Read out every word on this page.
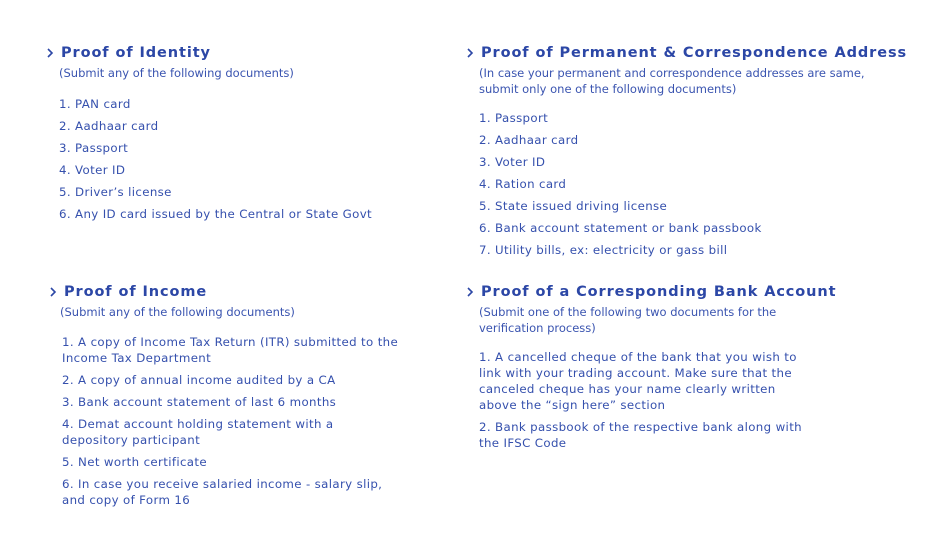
Proof of Identity
(Submit any of the following documents)
1. PAN card
2. Aadhaar card
3. Passport
4. Voter ID
5. Driver’s license
6. Any ID card issued by the Central or State Govt
Proof of Permanent & Correspondence Address
(In case your permanent and correspondence addresses are same,
submit only one of the following documents)
1. Passport
2. Aadhaar card
3. Voter ID
4. Ration card
5. State issued driving license
6. Bank account statement or bank passbook
7. Utility bills, ex: electricity or gass bill
Proof of Income
(Submit any of the following documents)
1. A copy of Income Tax Return (ITR) submitted to the
Income Tax Department
2. A copy of annual income audited by a CA
3. Bank account statement of last 6 months
4. Demat account holding statement with a
depository participant
5. Net worth certificate
6. In case you receive salaried income - salary slip,
and copy of Form 16
Proof of a Corresponding Bank Account
(Submit one of the following two documents for the
verification process)
1. A cancelled cheque of the bank that you wish to
link with your trading account. Make sure that the
canceled cheque has your name clearly written
above the “sign here” section
2. Bank passbook of the respective bank along with
the IFSC Code
